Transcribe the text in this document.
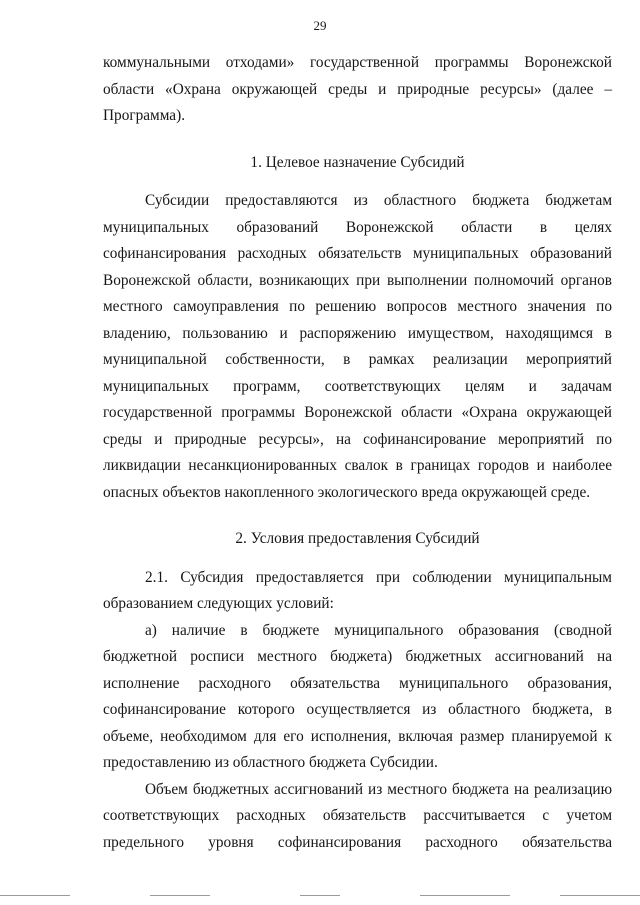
29

коммунальными отходами» государственной программы Воронежской области «Охрана окружающей среды и природные ресурсы» (далее – Программа).

1. Целевое назначение Субсидий

Субсидии предоставляются из областного бюджета бюджетам муниципальных образований Воронежской области в целях софинансирования расходных обязательств муниципальных образований Воронежской области, возникающих при выполнении полномочий органов местного самоуправления по решению вопросов местного значения по владению, пользованию и распоряжению имуществом, находящимся в муниципальной собственности, в рамках реализации мероприятий муниципальных программ, соответствующих целям и задачам государственной программы Воронежской области «Охрана окружающей среды и природные ресурсы», на софинансирование мероприятий по ликвидации несанкционированных свалок в границах городов и наиболее опасных объектов накопленного экологического вреда окружающей среде.

2. Условия предоставления Субсидий

2.1. Субсидия предоставляется при соблюдении муниципальным образованием следующих условий:

а) наличие в бюджете муниципального образования (сводной бюджетной росписи местного бюджета) бюджетных ассигнований на исполнение расходного обязательства муниципального образования, софинансирование которого осуществляется из областного бюджета, в объеме, необходимом для его исполнения, включая размер планируемой к предоставлению из областного бюджета Субсидии.

Объем бюджетных ассигнований из местного бюджета на реализацию соответствующих расходных обязательств рассчитывается с учетом предельного уровня софинансирования расходного обязательства
